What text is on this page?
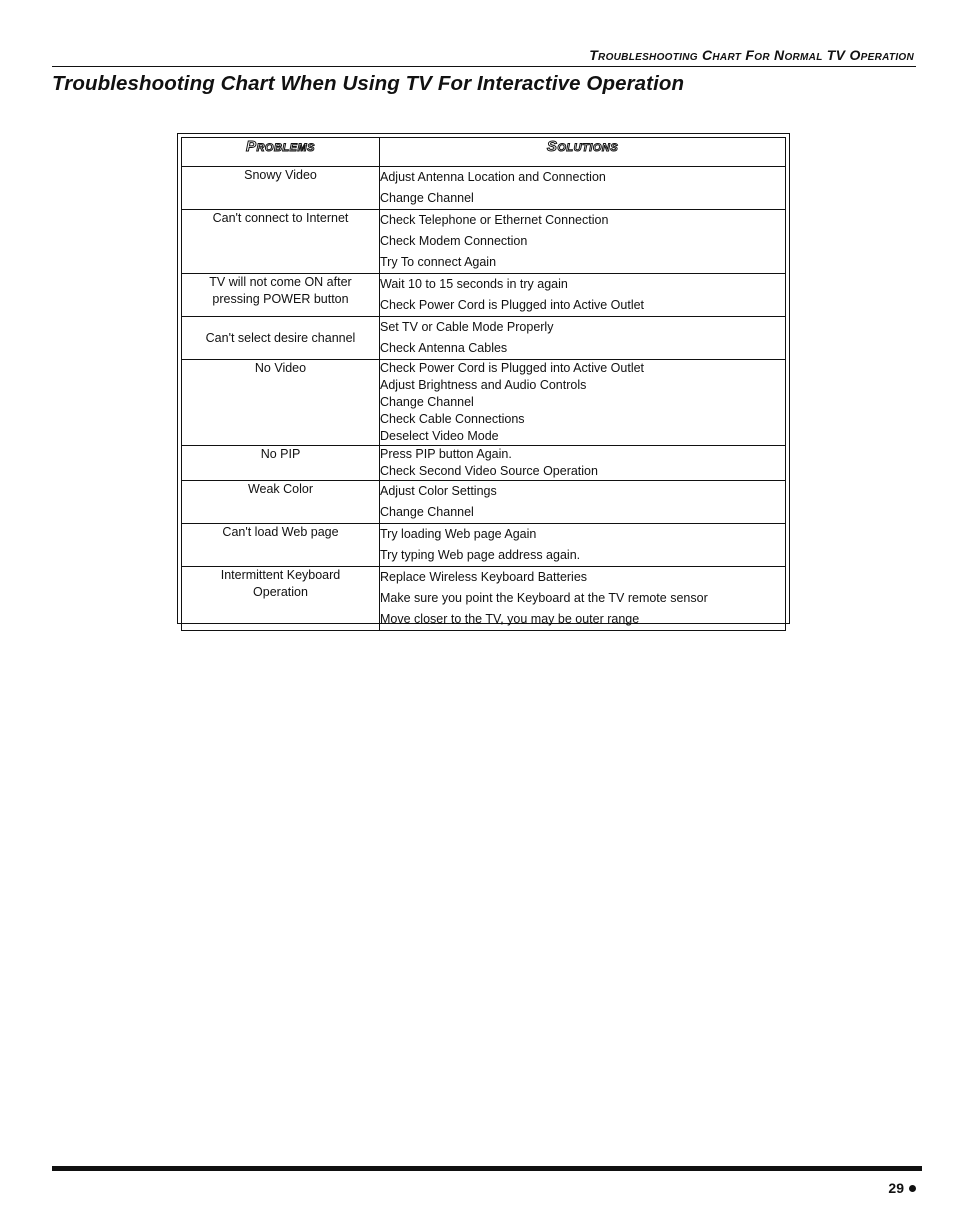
Troubleshooting Chart For Normal TV Operation
Troubleshooting Chart When Using TV For Interactive Operation
Problems	Solutions
Snowy Video	Adjust Antenna Location and Connection
Change Channel

Can't connect to Internet	Check Telephone or Ethernet Connection
Check Modem Connection
Try To connect Again

TV will not come ON after
pressing POWER button	Wait 10 to 15 seconds in try again
Check Power Cord is Plugged into Active Outlet

Can't select desire channel	Set TV or Cable Mode Properly
Check Antenna Cables

No Video	Check Power Cord is Plugged into Active Outlet
Adjust Brightness and Audio Controls
Change Channel
Check Cable Connections
Deselect Video Mode

No PIP	Press PIP button Again.
Check Second Video Source Operation

Weak Color	Adjust Color Settings
Change Channel

Can't load Web page	Try loading Web page Again
Try typing Web page address again.

Intermittent Keyboard
Operation	Replace Wireless Keyboard Batteries
Make sure you point the Keyboard at the TV remote sensor
Move closer to the TV, you may be outer range
29
